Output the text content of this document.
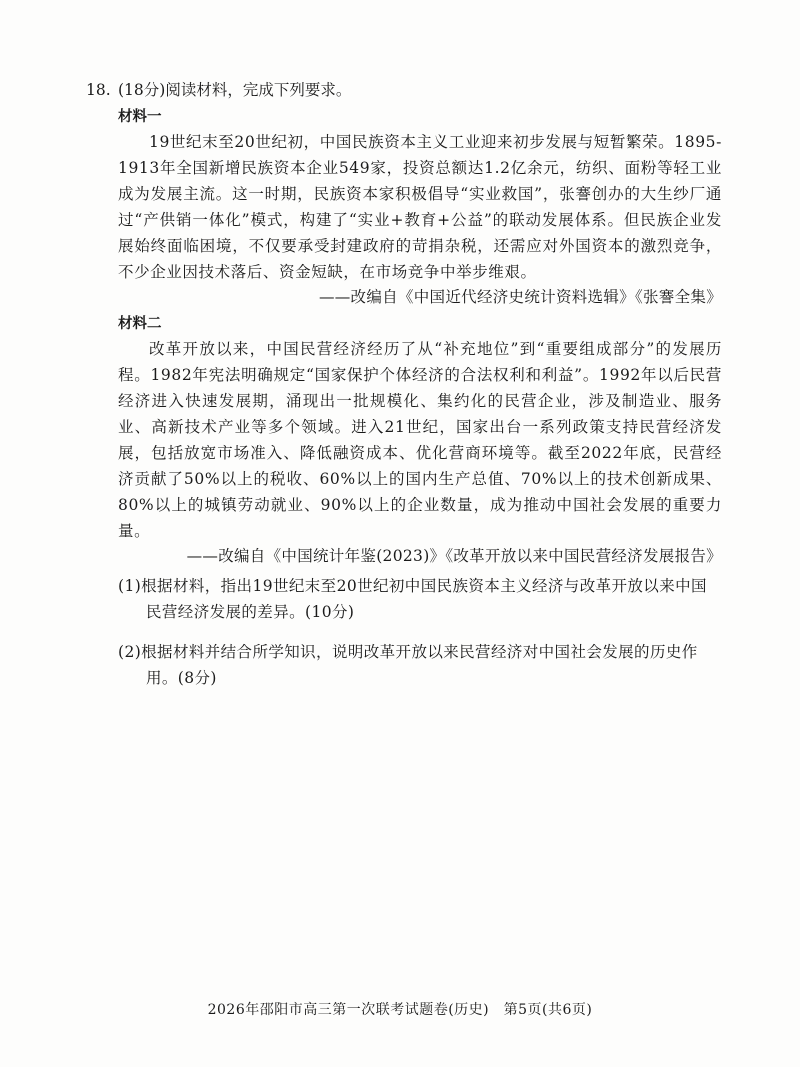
18. (18分)阅读材料，完成下列要求。
材料一
19世纪末至20世纪初，中国民族资本主义工业迎来初步发展与短暂繁荣。1895-1913年全国新增民族资本企业549家，投资总额达1.2亿余元，纺织、面粉等轻工业成为发展主流。这一时期，民族资本家积极倡导“实业救国”，张謇创办的大生纱厂通过“产供销一体化”模式，构建了“实业+教育+公益”的联动发展体系。但民族企业发展始终面临困境，不仅要承受封建政府的苛捐杂税，还需应对外国资本的激烈竞争，不少企业因技术落后、资金短缺，在市场竞争中举步维艰。
——改编自《中国近代经济史统计资料选辑》《张謇全集》
材料二
改革开放以来，中国民营经济经历了从“补充地位”到“重要组成部分”的发展历程。1982年宪法明确规定“国家保护个体经济的合法权利和利益”。1992年以后民营经济进入快速发展期，涌现出一批规模化、集约化的民营企业，涉及制造业、服务业、高新技术产业等多个领域。进入21世纪，国家出台一系列政策支持民营经济发展，包括放宽市场准入、降低融资成本、优化营商环境等。截至2022年底，民营经济贡献了50%以上的税收、60%以上的国内生产总值、70%以上的技术创新成果、80%以上的城镇劳动就业、90%以上的企业数量，成为推动中国社会发展的重要力量。
——改编自《中国统计年鉴(2023)》《改革开放以来中国民营经济发展报告》
(1)根据材料，指出19世纪末至20世纪初中国民族资本主义经济与改革开放以来中国民营经济发展的差异。(10分)
(2)根据材料并结合所学知识，说明改革开放以来民营经济对中国社会发展的历史作用。(8分)
2026年邵阳市高三第一次联考试题卷(历史)　第5页(共6页)
